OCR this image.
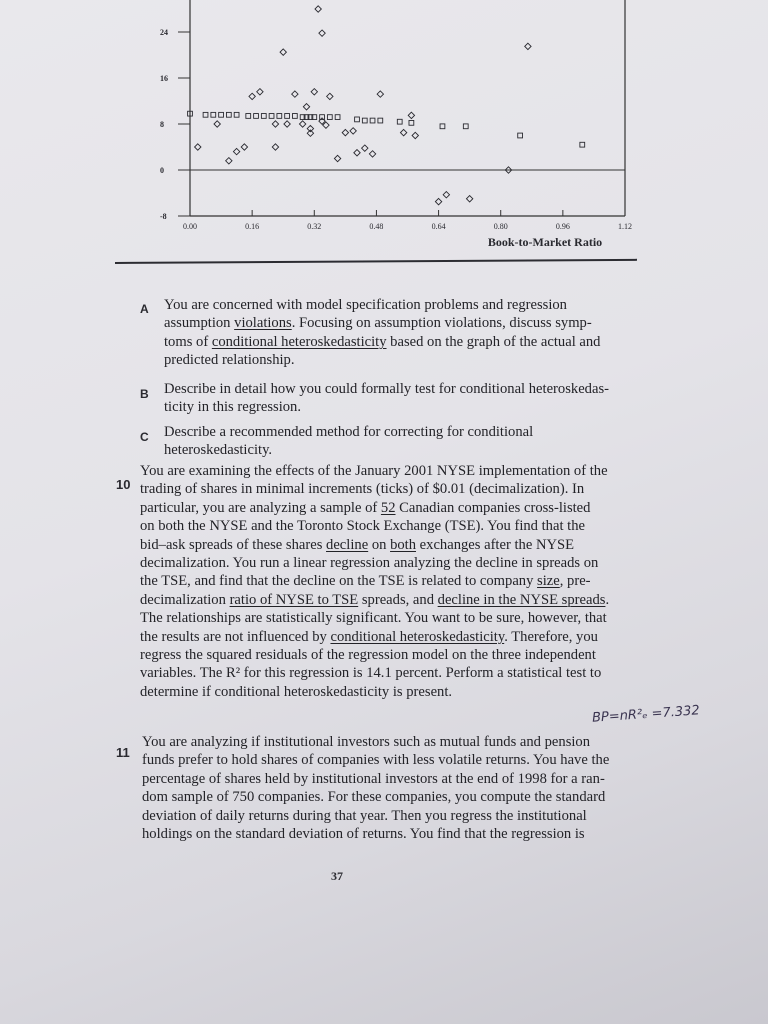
24
16
8
0
-8
0.00	0.16	0.32	0.48	0.64	0.80	0.96	1.12
Book-to-Market Ratio
A You are concerned with model specification problems and regression
assumption violations. Focusing on assumption violations, discuss symp-
toms of conditional heteroskedasticity based on the graph of the actual and
predicted relationship.
B Describe in detail how you could formally test for conditional heteroskedas-
ticity in this regression.
C Describe a recommended method for correcting for conditional
heteroskedasticity.
10
You are examining the effects of the January 2001 NYSE implementation of the
trading of shares in minimal increments (ticks) of $0.01 (decimalization). In
particular, you are analyzing a sample of 52 Canadian companies cross-listed
on both the NYSE and the Toronto Stock Exchange (TSE). You find that the
bid–ask spreads of these shares decline on both exchanges after the NYSE
decimalization. You run a linear regression analyzing the decline in spreads on
the TSE, and find that the decline on the TSE is related to company size, pre-
decimalization ratio of NYSE to TSE spreads, and decline in the NYSE spreads.
The relationships are statistically significant. You want to be sure, however, that
the results are not influenced by conditional heteroskedasticity. Therefore, you
regress the squared residuals of the regression model on the three independent
variables. The R² for this regression is 14.1 percent. Perform a statistical test to
determine if conditional heteroskedasticity is present.
BP=nR²ₑ =7.332
11
You are analyzing if institutional investors such as mutual funds and pension
funds prefer to hold shares of companies with less volatile returns. You have the
percentage of shares held by institutional investors at the end of 1998 for a ran-
dom sample of 750 companies. For these companies, you compute the standard
deviation of daily returns during that year. Then you regress the institutional
holdings on the standard deviation of returns. You find that the regression is
37
